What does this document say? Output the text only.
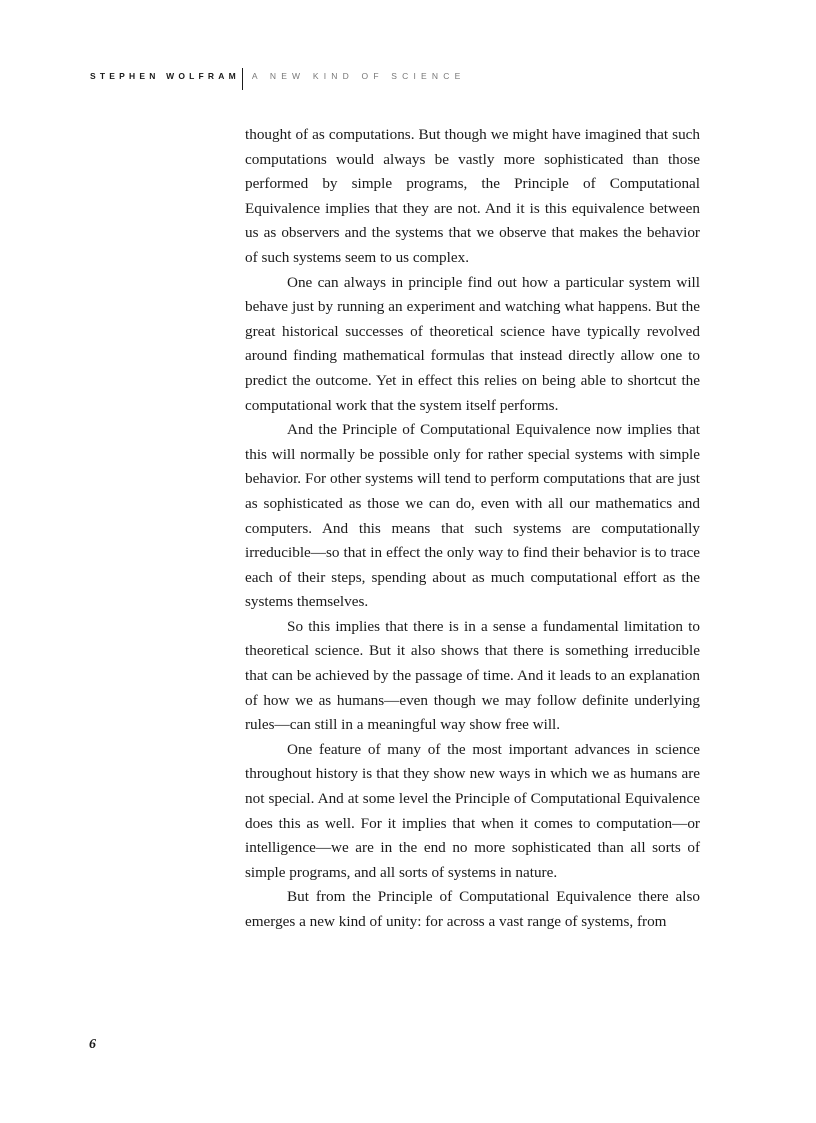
STEPHEN WOLFRAM A NEW KIND OF SCIENCE

thought of as computations. But though we might have imagined that such computations would always be vastly more sophisticated than those performed by simple programs, the Principle of Computational Equivalence implies that they are not. And it is this equivalence between us as observers and the systems that we observe that makes the behavior of such systems seem to us complex.

One can always in principle find out how a particular system will behave just by running an experiment and watching what happens. But the great historical successes of theoretical science have typically revolved around finding mathematical formulas that instead directly allow one to predict the outcome. Yet in effect this relies on being able to shortcut the computational work that the system itself performs.

And the Principle of Computational Equivalence now implies that this will normally be possible only for rather special systems with simple behavior. For other systems will tend to perform computations that are just as sophisticated as those we can do, even with all our mathematics and computers. And this means that such systems are computationally irreducible—so that in effect the only way to find their behavior is to trace each of their steps, spending about as much computational effort as the systems themselves.

So this implies that there is in a sense a fundamental limitation to theoretical science. But it also shows that there is something irreducible that can be achieved by the passage of time. And it leads to an explanation of how we as humans—even though we may follow definite underlying rules—can still in a meaningful way show free will.

One feature of many of the most important advances in science throughout history is that they show new ways in which we as humans are not special. And at some level the Principle of Computational Equivalence does this as well. For it implies that when it comes to computation—or intelligence—we are in the end no more sophisticated than all sorts of simple programs, and all sorts of systems in nature.

But from the Principle of Computational Equivalence there also emerges a new kind of unity: for across a vast range of systems, from

6
